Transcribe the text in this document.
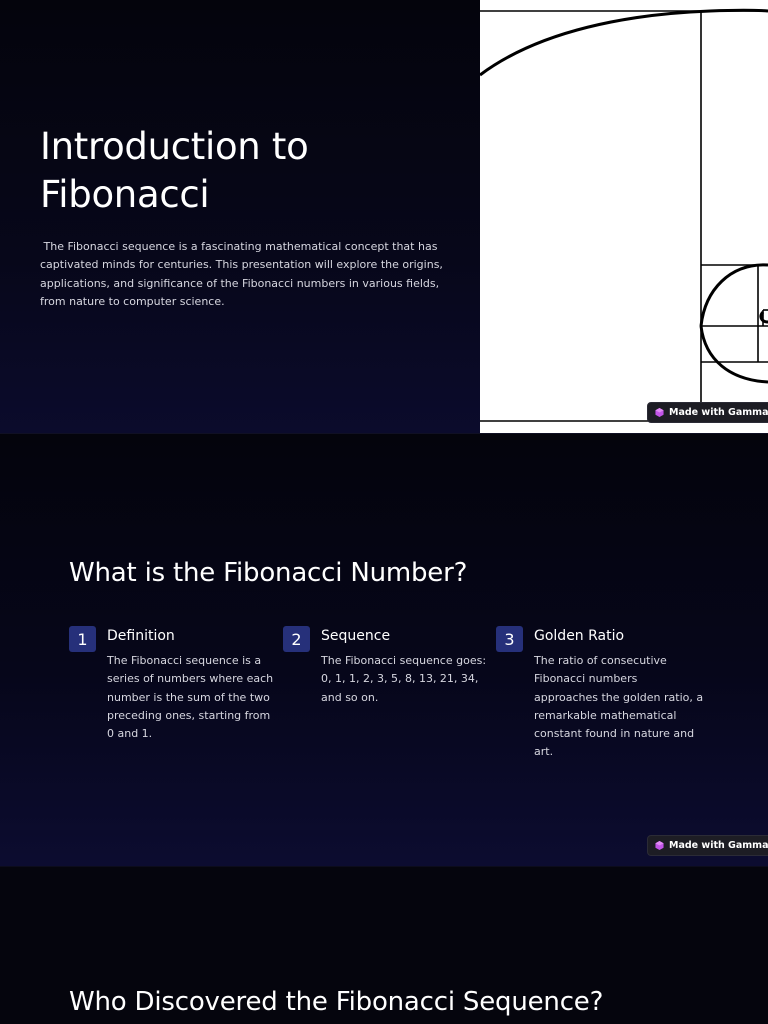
Introduction to Fibonacci

The Fibonacci sequence is a fascinating mathematical concept that has captivated minds for centuries. This presentation will explore the origins, applications, and significance of the Fibonacci numbers in various fields, from nature to computer science.

Made with Gamma
What is the Fibonacci Number?
1	Definition
The Fibonacci sequence is a series of numbers where each number is the sum of the two preceding ones, starting from 0 and 1.
2	Sequence
The Fibonacci sequence goes: 0, 1, 1, 2, 3, 5, 8, 13, 21, 34, and so on.
3	Golden Ratio
The ratio of consecutive Fibonacci numbers approaches the golden ratio, a remarkable mathematical constant found in nature and art.
Made with Gamma
Who Discovered the Fibonacci Sequence?
